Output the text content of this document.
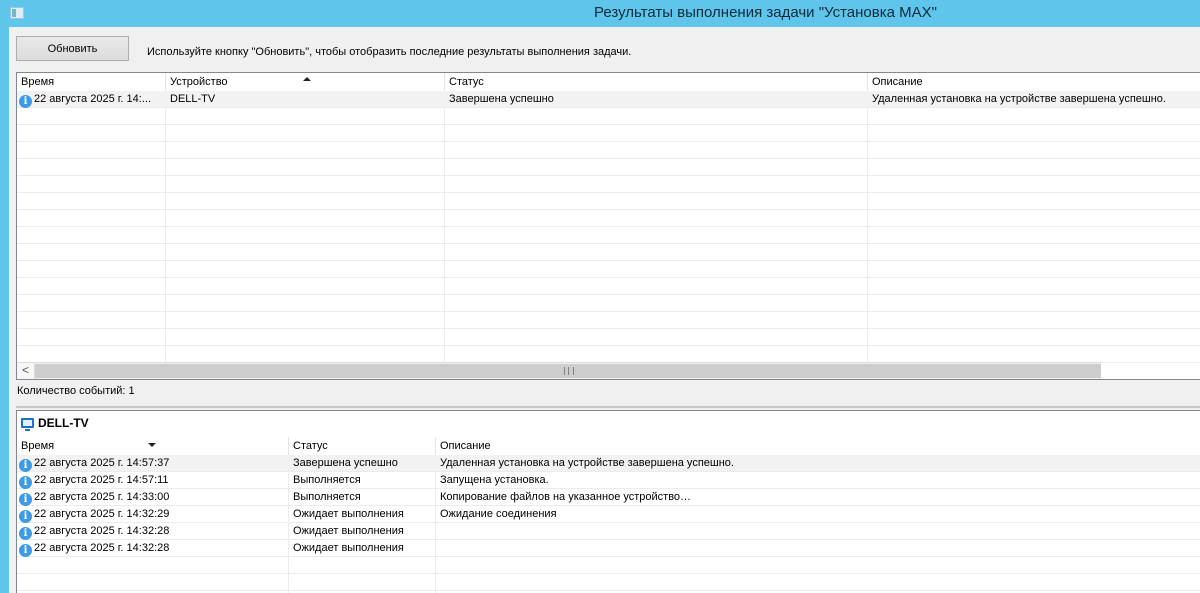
Результаты выполнения задачи "Установка MAX"
Обновить	Используйте кнопку "Обновить", чтобы отобразить последние результаты выполнения задачи.
Время	Устройство	Статус	Описание
i 22 августа 2025 г. 14:...	DELL-TV	Завершена успешно	Удаленная установка на устройстве завершена успешно.
<
Количество событий: 1
DELL-TV
Время	Статус	Описание
i 22 августа 2025 г. 14:57:37	Завершена успешно	Удаленная установка на устройстве завершена успешно.
i 22 августа 2025 г. 14:57:11	Выполняется	Запущена установка.
i 22 августа 2025 г. 14:33:00	Выполняется	Копирование файлов на указанное устройство…
i 22 августа 2025 г. 14:32:29	Ожидает выполнения	Ожидание соединения
i 22 августа 2025 г. 14:32:28	Ожидает выполнения
i 22 августа 2025 г. 14:32:28	Ожидает выполнения
